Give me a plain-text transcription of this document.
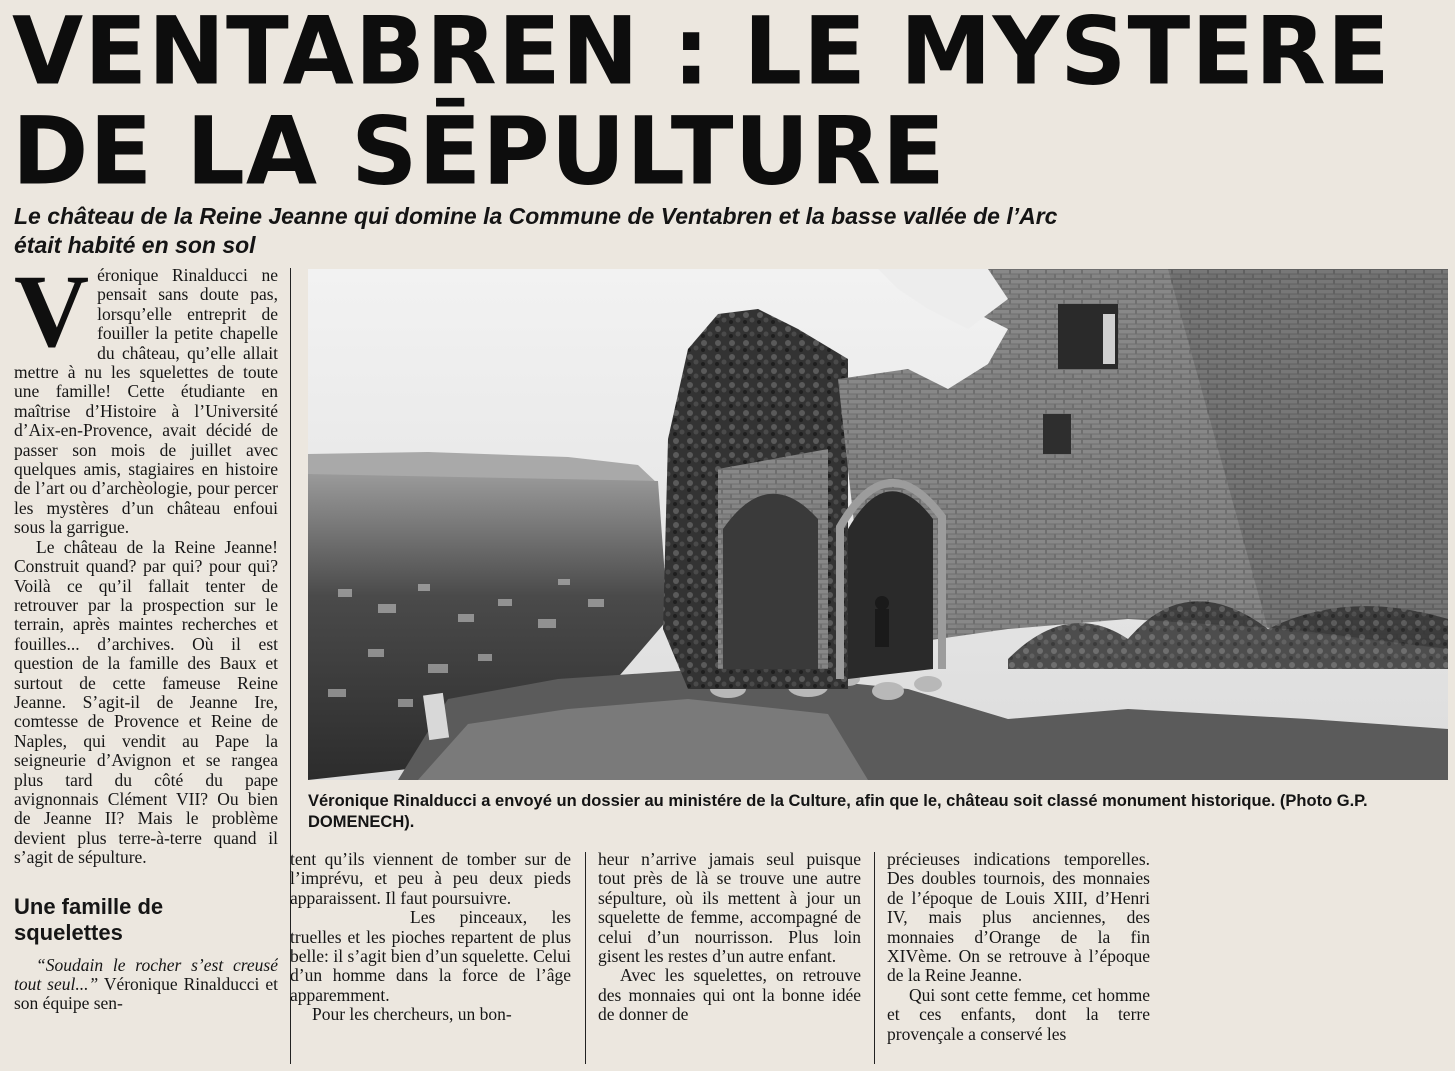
VENTABREN : LE MYSTERE
DE LA SĒPULTURE

Le château de la Reine Jeanne qui domine la Commune de Ventabren et la basse vallée de l’Arc était habité en son sol

Véronique Rinalducci ne pensait sans doute pas, lorsqu’elle entreprit de fouiller la petite chapelle du château, qu’elle allait mettre à nu les squelettes de toute une famille! Cette étudiante en maîtrise d’Histoire à l’Université d’Aix-en-Provence, avait décidé de passer son mois de juillet avec quelques amis, stagiaires en histoire de l’art ou d’archèologie, pour percer les mystères d’un château enfoui sous la garrigue.

Le château de la Reine Jeanne! Construit quand? par qui? pour qui? Voilà ce qu’il fallait tenter de retrouver par la prospection sur le terrain, après maintes recherches et fouilles... d’archives. Où il est question de la famille des Baux et surtout de cette fameuse Reine Jeanne. S’agit-il de Jeanne Ire, comtesse de Provence et Reine de Naples, qui vendit au Pape la seigneurie d’Avignon et se rangea plus tard du côté du pape avignonnais Clément VII? Ou bien de Jeanne II? Mais le problème devient plus terre-à-terre quand il s’agit de sépulture.

Une famille de squelettes

“Soudain le rocher s’est creusé tout seul...” Véronique Rinalducci et son équipe sen-

Véronique Rinalducci a envoyé un dossier au ministére de la Culture, afin que le, château soit classé monument historique. (Photo G.P. DOMENECH).

tent qu’ils viennent de tomber sur de l’imprévu, et peu à peu deux pieds apparaissent. Il faut poursuivre.

Les pinceaux, les truelles et les pioches repartent de plus belle: il s’agit bien d’un squelette. Celui d’un homme dans la force de l’âge apparemment.

Pour les chercheurs, un bon-

heur n’arrive jamais seul puisque tout près de là se trouve une autre sépulture, où ils mettent à jour un squelette de femme, accompagné de celui d’un nourrisson. Plus loin gisent les restes d’un autre enfant.

Avec les squelettes, on retrouve des monnaies qui ont la bonne idée de donner de

précieuses indications temporelles. Des doubles tournois, des monnaies de l’époque de Louis XIII, d’Henri IV, mais plus anciennes, des monnaies d’Orange de la fin XIVème. On se retrouve à l’époque de la Reine Jeanne.

Qui sont cette femme, cet homme et ces enfants, dont la terre provençale a conservé les
